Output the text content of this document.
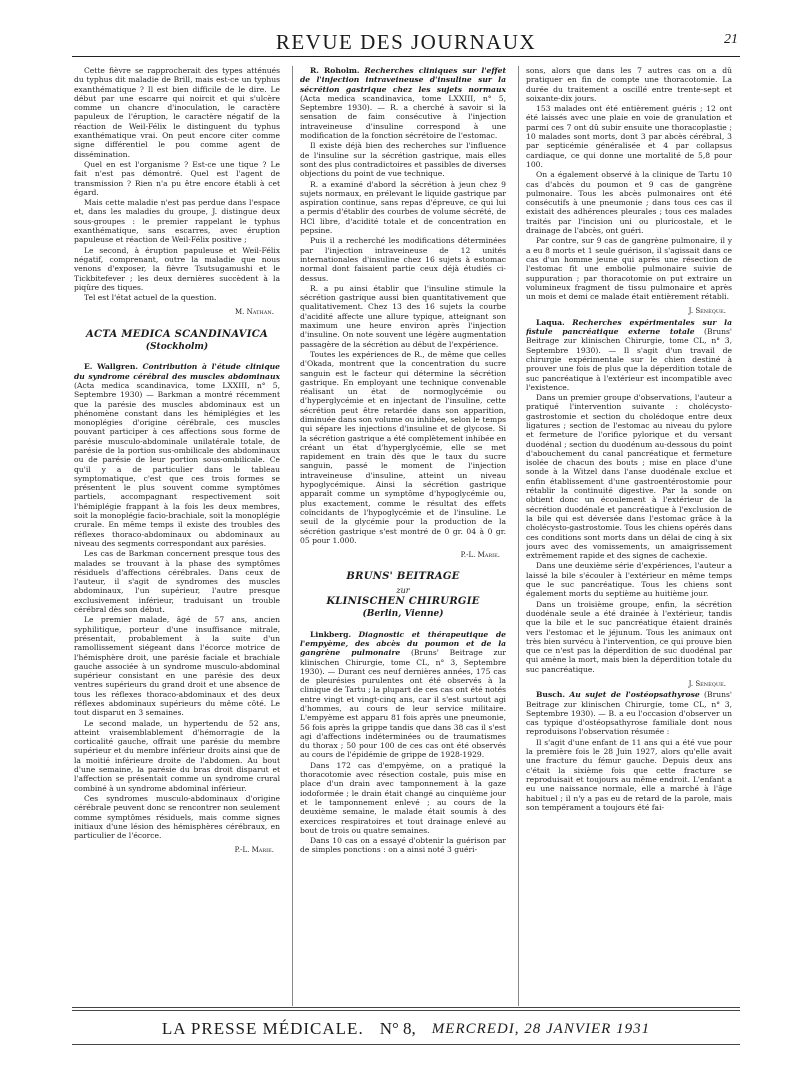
REVUE DES JOURNAUX	21

Cette fièvre se rapprocherait des types atténués du typhus dit maladie de Brill, mais est-ce un typhus exanthématique ? Il est bien difficile de le dire. Le début par une escarre qui noircit et qui s'ulcère comme un chancre d'inoculation, le caractère papuleux de l'éruption, le caractère négatif de la réaction de Weil-Félix le distinguent du typhus exanthématique vrai. On peut encore citer comme signe différentiel le pou comme agent de dissémination.

Quel en est l'organisme ? Est-ce une tique ? Le fait n'est pas démontré. Quel est l'agent de transmission ? Rien n'a pu être encore établi à cet égard.

Mais cette maladie n'est pas perdue dans l'espace et, dans les maladies du groupe, J. distingue deux sous-groupes : le premier rappelant le typhus exanthématique, sans escarres, avec éruption papuleuse et réaction de Weil-Félix positive ;

Le second, à éruption papuleuse et Weil-Félix négatif, comprenant, outre la maladie que nous venons d'exposer, la fièvre Tsutsugamushi et le Tickbitefever ; les deux dernières succèdent à la piqûre des tiques.

Tel est l'état actuel de la question.

M. Nathan.

ACTA MEDICA SCANDINAVICA
(Stockholm)

E. Wallgren. Contribution à l'étude clinique du syndrome cérébral des muscles abdominaux (Acta medica scandinavica, tome LXXIII, n° 5, Septembre 1930) — Barkman a montré récemment que la parésie des muscles abdominaux est un phénomène constant dans les hémiplégies et les monoplégies d'origine cérébrale, ces muscles pouvant participer à ces affections sous forme de parésie musculo-abdominale unilatérale totale, de parésie de la portion sus-ombilicale des abdominaux ou de parésie de leur portion sous-ombilicale. Ce qu'il y a de particulier dans le tableau symptomatique, c'est que ces trois formes se présentent le plus souvent comme symptômes partiels, accompagnant respectivement soit l'hémiplégie frappant à la fois les deux membres, soit la monoplégie facio-brachiale, soit la monoplégie crurale. En même temps il existe des troubles des réflexes thoraco-abdominaux ou abdominaux au niveau des segments correspondant aux parésies.

Les cas de Barkman concernent presque tous des malades se trouvant à la phase des symptômes résiduels d'affections cérébrales. Dans ceux de l'auteur, il s'agit de syndromes des muscles abdominaux, l'un supérieur, l'autre presque exclusivement inférieur, traduisant un trouble cérébral dès son début.

Le premier malade, âgé de 57 ans, ancien syphilitique, porteur d'une insuffisance mitrale, présentait, probablement à la suite d'un ramollissement siégeant dans l'écorce motrice de l'hémisphère droit, une parésie faciale et brachiale gauche associée à un syndrome musculo-abdominal supérieur consistant en une parésie des deux ventres supérieurs du grand droit et une absence de tous les réflexes thoraco-abdominaux et des deux réflexes abdominaux supérieurs du même côté. Le tout disparut en 3 semaines.

Le second malade, un hypertendu de 52 ans, atteint vraisemblablement d'hémorragie de la corticalité gauche, offrait une parésie du membre supérieur et du membre inférieur droits ainsi que de la moitié inférieure droite de l'abdomen. Au bout d'une semaine, la parésie du bras droit disparut et l'affection se présentait comme un syndrome crural combiné à un syndrome abdominal inférieur.

Ces syndromes musculo-abdominaux d'origine cérébrale peuvent donc se rencontrer non seulement comme symptômes résiduels, mais comme signes initiaux d'une lésion des hémisphères cérébraux, en particulier de l'écorce.

P.-L. Marie.

R. Roholm. Recherches cliniques sur l'effet de l'injection intraveineuse d'insuline sur la sécrétion gastrique chez les sujets normaux (Acta medica scandinavica, tome LXXIII, n° 5, Septembre 1930). — R. a cherché à savoir si la sensation de faim consécutive à l'injection intraveineuse d'insuline correspond à une modification de la fonction sécrétoire de l'estomac.

Il existe déjà bien des recherches sur l'influence de l'insuline sur la sécrétion gastrique, mais elles sont des plus contradictoires et passibles de diverses objections du point de vue technique.

R. a examiné d'abord la sécrétion à jeun chez 9 sujets normaux, en prélevant le liquide gastrique par aspiration continue, sans repas d'épreuve, ce qui lui a permis d'établir des courbes de volume sécrété, de HCl libre, d'acidité totale et de concentration en pepsine.

Puis il a recherché les modifications déterminées par l'injection intraveineuse de 12 unités internationales d'insuline chez 16 sujets à estomac normal dont faisaient partie ceux déjà étudiés ci-dessus.

R. a pu ainsi établir que l'insuline stimule la sécrétion gastrique aussi bien quantitativement que qualitativement. Chez 13 des 16 sujets la courbe d'acidité affecte une allure typique, atteignant son maximum une heure environ après l'injection d'insuline. On note souvent une légère augmentation passagère de la sécrétion au début de l'expérience.

Toutes les expériences de R., de même que celles d'Okada, montrent que la concentration du sucre sanguin est le facteur qui détermine la sécrétion gastrique. En employant une technique convenable réalisant un état de normoglycémie ou d'hyperglycémie et en injectant de l'insuline, cette sécrétion peut être retardée dans son apparition, diminuée dans son volume ou inhibée, selon le temps qui sépare les injections d'insuline et de glycose. Si la sécrétion gastrique a été complètement inhibée en créant un état d'hyperglycémie, elle se met rapidement en train dès que le taux du sucre sanguin, passé le moment de l'injection intraveineuse d'insuline, atteint un niveau hypoglycémique. Ainsi la sécrétion gastrique apparaît comme un symptôme d'hypoglycémie ou, plus exactement, comme le résultat des effets coïncidants de l'hypoglycémie et de l'insuline. Le seuil de la glycémie pour la production de la sécrétion gastrique s'est montré de 0 gr. 04 à 0 gr. 05 pour 1.000.

P.-L. Marie.

BRUNS' BEITRAGE
zur
KLINISCHEN CHIRURGIE
(Berlin, Vienne)

Linkberg. Diagnostic et thérapeutique de l'empyème, des abcès du poumon et de la gangrène pulmonaire (Bruns' Beitrage zur klinischen Chirurgie, tome CL, n° 3, Septembre 1930). — Durant ces neuf dernières années, 175 cas de pleurésies purulentes ont été observés à la clinique de Tartu ; la plupart de ces cas ont été notés entre vingt et vingt-cinq ans, car il s'est surtout agi d'hommes, au cours de leur service militaire. L'empyème est apparu 81 fois après une pneumonie, 56 fois après la grippe tandis que dans 38 cas il s'est agi d'affections indéterminées ou de traumatismes du thorax ; 50 pour 100 de ces cas ont été observés au cours de l'épidémie de grippe de 1928-1929.

Dans 172 cas d'empyème, on a pratiqué la thoracotomie avec résection costale, puis mise en place d'un drain avec tamponnement à la gaze iodoformée ; le drain était changé au cinquième jour et le tamponnement enlevé ; au cours de la deuxième semaine, le malade était soumis à des exercices respiratoires et tout drainage enlevé au bout de trois ou quatre semaines.

Dans 10 cas on a essayé d'obtenir la guérison par de simples ponctions : on a ainsi noté 3 guéri-

sons, alors que dans les 7 autres cas on a dû pratiquer en fin de compte une thoracotomie. La durée du traitement a oscillé entre trente-sept et soixante-dix jours.

153 malades ont été entièrement guéris ; 12 ont été laissés avec une plaie en voie de granulation et parmi ces 7 ont dû subir ensuite une thoracoplastie ; 10 malades sont morts, dont 3 par abcès cérébral, 3 par septicémie généralisée et 4 par collapsus cardiaque, ce qui donne une mortalité de 5,8 pour 100.

On a également observé à la clinique de Tartu 10 cas d'abcès du poumon et 9 cas de gangrène pulmonaire. Tous les abcès pulmonaires ont été consécutifs à une pneumonie ; dans tous ces cas il existait des adhérences pleurales ; tous ces malades traités par l'incision uni ou pluricostale, et le drainage de l'abcès, ont guéri.

Par contre, sur 9 cas de gangrène pulmonaire, il y a eu 8 morts et 1 seule guérison, il s'agissait dans ce cas d'un homme jeune qui après une résection de l'estomac fit une embolie pulmonaire suivie de suppuration ; par thoracotomie on put extraire un volumineux fragment de tissu pulmonaire et après un mois et demi ce malade était entièrement rétabli.

J. Sénèque.

Laqua. Recherches expérimentales sur la fistule pancréatique externe totale (Bruns' Beitrage zur klinischen Chirurgie, tome CL, n° 3, Septembre 1930). — Il s'agit d'un travail de chirurgie expérimentale sur le chien destiné à prouver une fois de plus que la déperdition totale de suc pancréatique à l'extérieur est incompatible avec l'existence.

Dans un premier groupe d'observations, l'auteur a pratiqué l'intervention suivante : cholécysto-gastrostomie et section du cholédoque entre deux ligatures ; section de l'estomac au niveau du pylore et fermeture de l'orifice pylorique et du versant duodénal ; section du duodénum au-dessous du point d'abouchement du canal pancréatique et fermeture isolée de chacun des bouts ; mise en place d'une sonde à la Witzel dans l'anse duodénale exclue et enfin établissement d'une gastroentérostomie pour rétablir la continuité digestive. Par la sonde on obtient donc un écoulement à l'extérieur de la sécrétion duodénale et pancréatique à l'exclusion de la bile qui est déversée dans l'estomac grâce à la cholécysto-gastrostomie. Tous les chiens opérés dans ces conditions sont morts dans un délai de cinq à six jours avec des vomissements, un amaigrissement extrêmement rapide et des signes de cachexie.

Dans une deuxième série d'expériences, l'auteur a laissé la bile s'écouler à l'extérieur en même temps que le suc pancréatique. Tous les chiens sont également morts du septième au huitième jour.

Dans un troisième groupe, enfin, la sécrétion duodénale seule a été drainée à l'extérieur, tandis que la bile et le suc pancréatique étaient drainés vers l'estomac et le jéjunum. Tous les animaux ont très bien survécu à l'intervention, ce qui prouve bien que ce n'est pas la déperdition de suc duodénal par qui amène la mort, mais bien la déperdition totale du suc pancréatique.

J. Sénèque.

Busch. Au sujet de l'ostéopsathyrose (Bruns' Beitrage zur klinischen Chirurgie, tome CL, n° 3, Septembre 1930). — B. a eu l'occasion d'observer un cas typique d'ostéopsathyrose familiale dont nous reproduisons l'observation résumée :

Il s'agit d'une enfant de 11 ans qui a été vue pour la première fois le 28 Juin 1927, alors qu'elle avait une fracture du fémur gauche. Depuis deux ans c'était la sixième fois que cette fracture se reproduisait et toujours au même endroit. L'enfant a eu une naissance normale, elle a marché à l'âge habituel ; il n'y a pas eu de retard de la parole, mais son tempérament a toujours été fai-

LA PRESSE MÉDICALE. N° 8, MERCREDI, 28 JANVIER 1931
